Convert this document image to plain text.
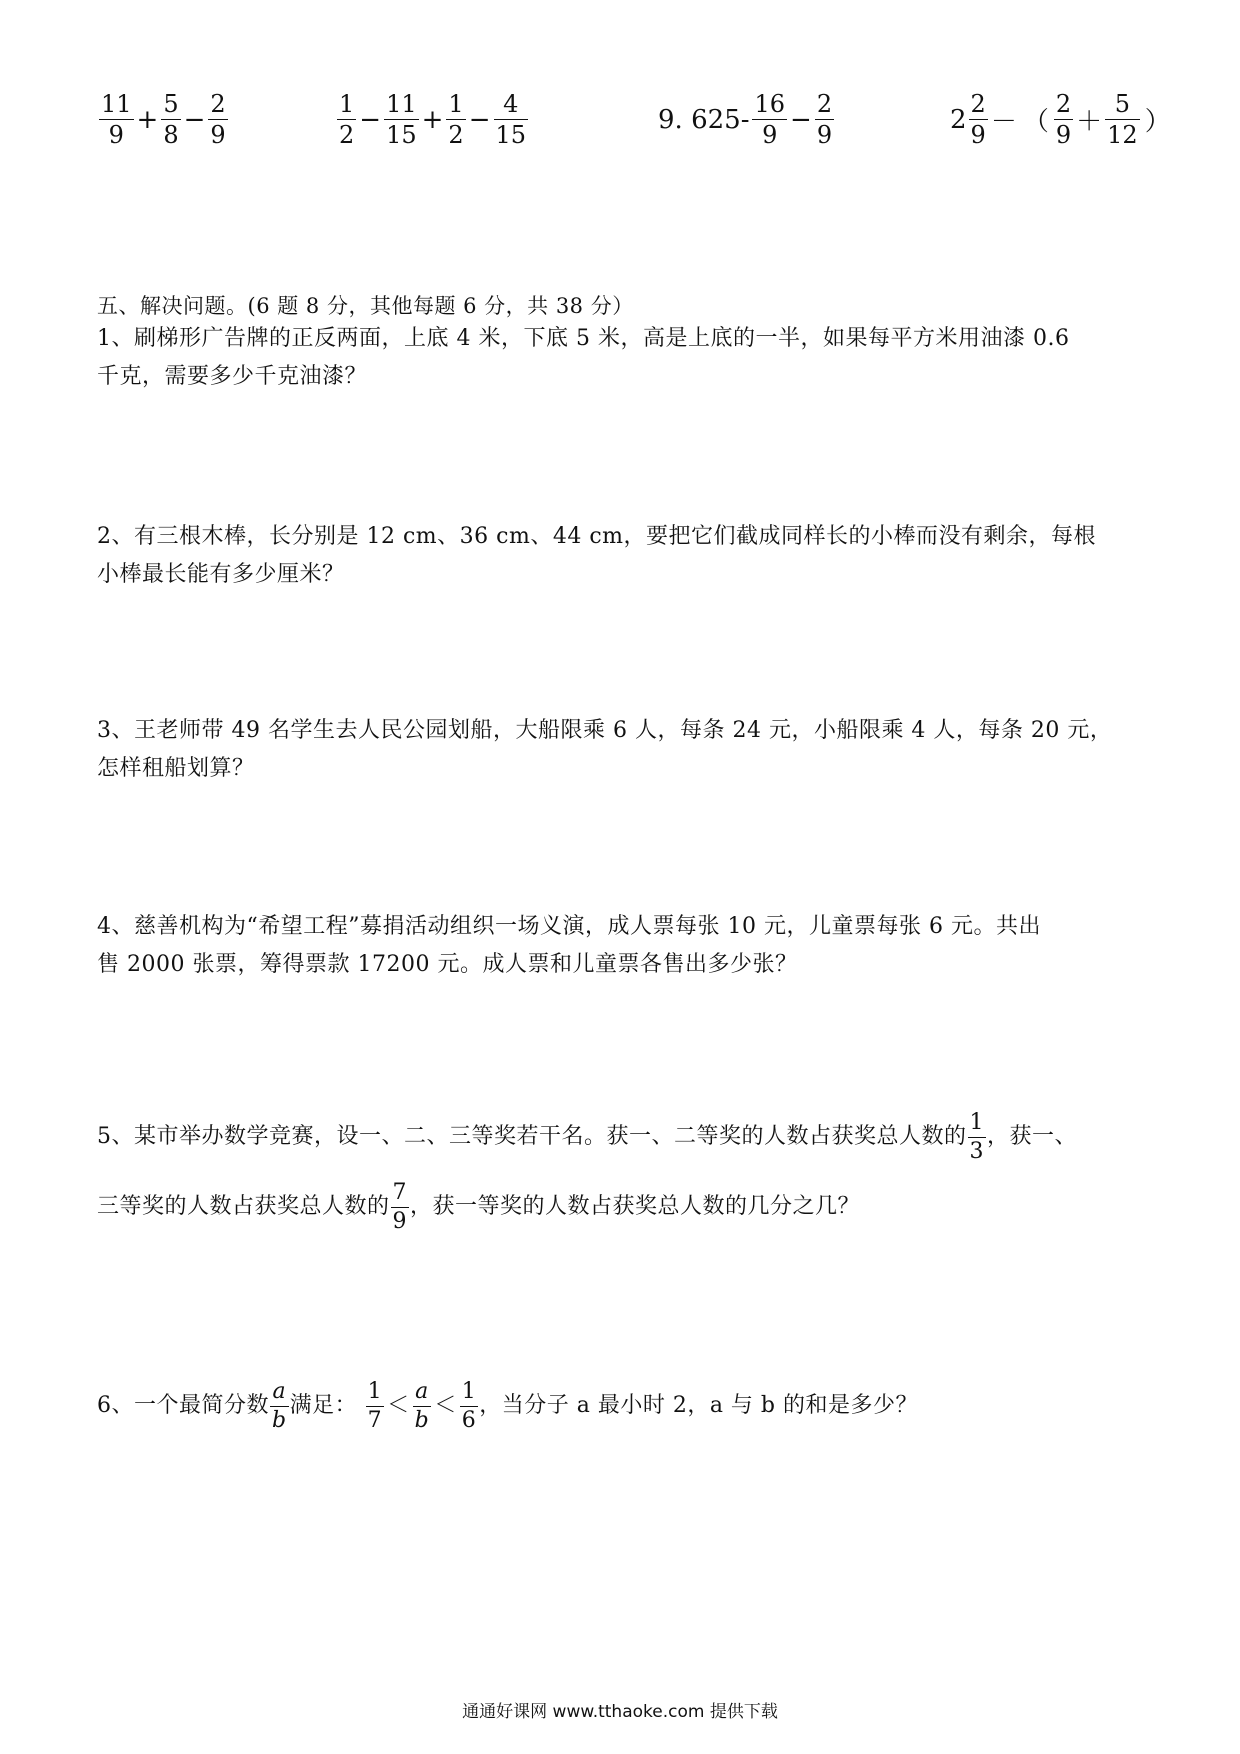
$\frac{11}{9} + \frac{5}{8} - \frac{2}{9}$	$\frac{1}{2} - \frac{11}{15} + \frac{1}{2} - \frac{4}{15}$	9. $625- \frac{16}{9} - \frac{2}{9}$	$2 \frac{2}{9}$ － （ $\frac{2}{9} + \frac{5}{12}$ ）
五、解决问题。(6 题 8 分，其他每题 6 分，共 38 分）
1、刷梯形广告牌的正反两面，上底 4 米，下底 5 米，高是上底的一半，如果每平方米用油漆 0.6
千克，需要多少千克油漆？
2、有三根木棒，长分别是 12 cm、36 cm、44 cm，要把它们截成同样长的小棒而没有剩余，每根
小棒最长能有多少厘米？
3、王老师带 49 名学生去人民公园划船，大船限乘 6 人，每条 24 元，小船限乘 4 人，每条 20 元，
怎样租船划算？
4、慈善机构为“希望工程”募捐活动组织一场义演，成人票每张 10 元，儿童票每张 6 元。共出
售 2000 张票，筹得票款 17200 元。成人票和儿童票各售出多少张？
5、某市举办数学竞赛，设一、二、三等奖若干名。获一、二等奖的人数占获奖总人数的 $\frac{1}{3}$ ，获一、
三等奖的人数占获奖总人数的 $\frac{7}{9}$ ，获一等奖的人数占获奖总人数的几分之几？
6、一个最简分数 $\frac{a}{b}$ 满足： $\frac{1}{7} < \frac{a}{b} < \frac{1}{6}$ ，当分子 a 最小时 2，a 与 b 的和是多少？
通通好课网 www.tthaoke.com 提供下载
